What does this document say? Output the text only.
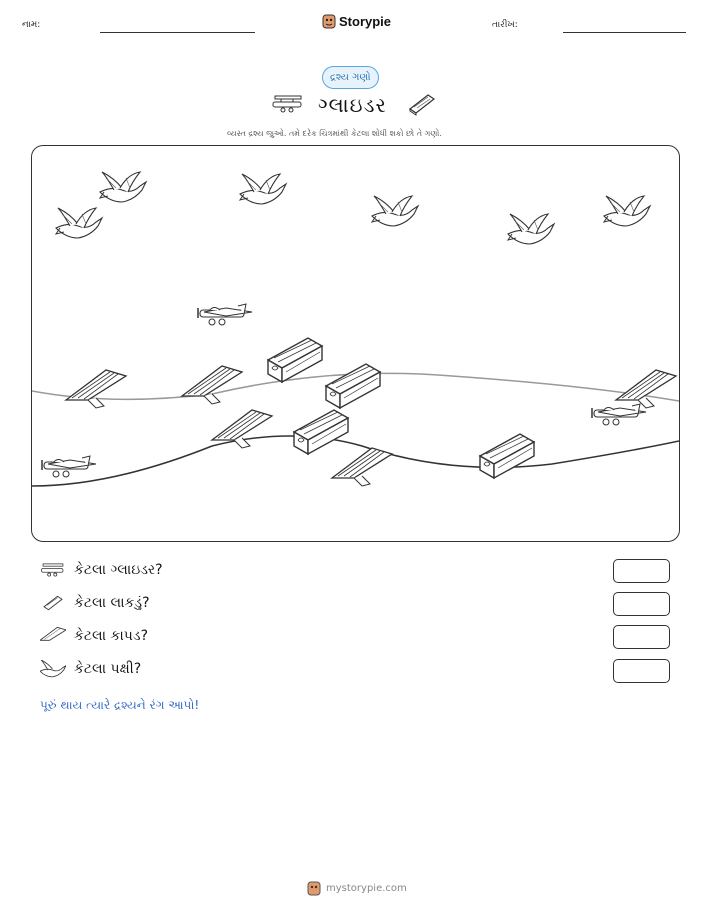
નામ:	Storypie	તારીખ:
દ્રશ્ય ગણો
ગ્લાઇડર
વ્યસ્ત દ્રશ્ય જુઓ. તમે દરેક ચિત્રમાંથી કેટલા શોધી શકો છો તે ગણો.
કેટલા ગ્લાઇડર?
કેટલા લાકડું?
કેટલા કાપડ?
કેટલા પક્ષી?
પૂરું થાય ત્યારે દ્રશ્યને રંગ આપો!
mystorypie.com
